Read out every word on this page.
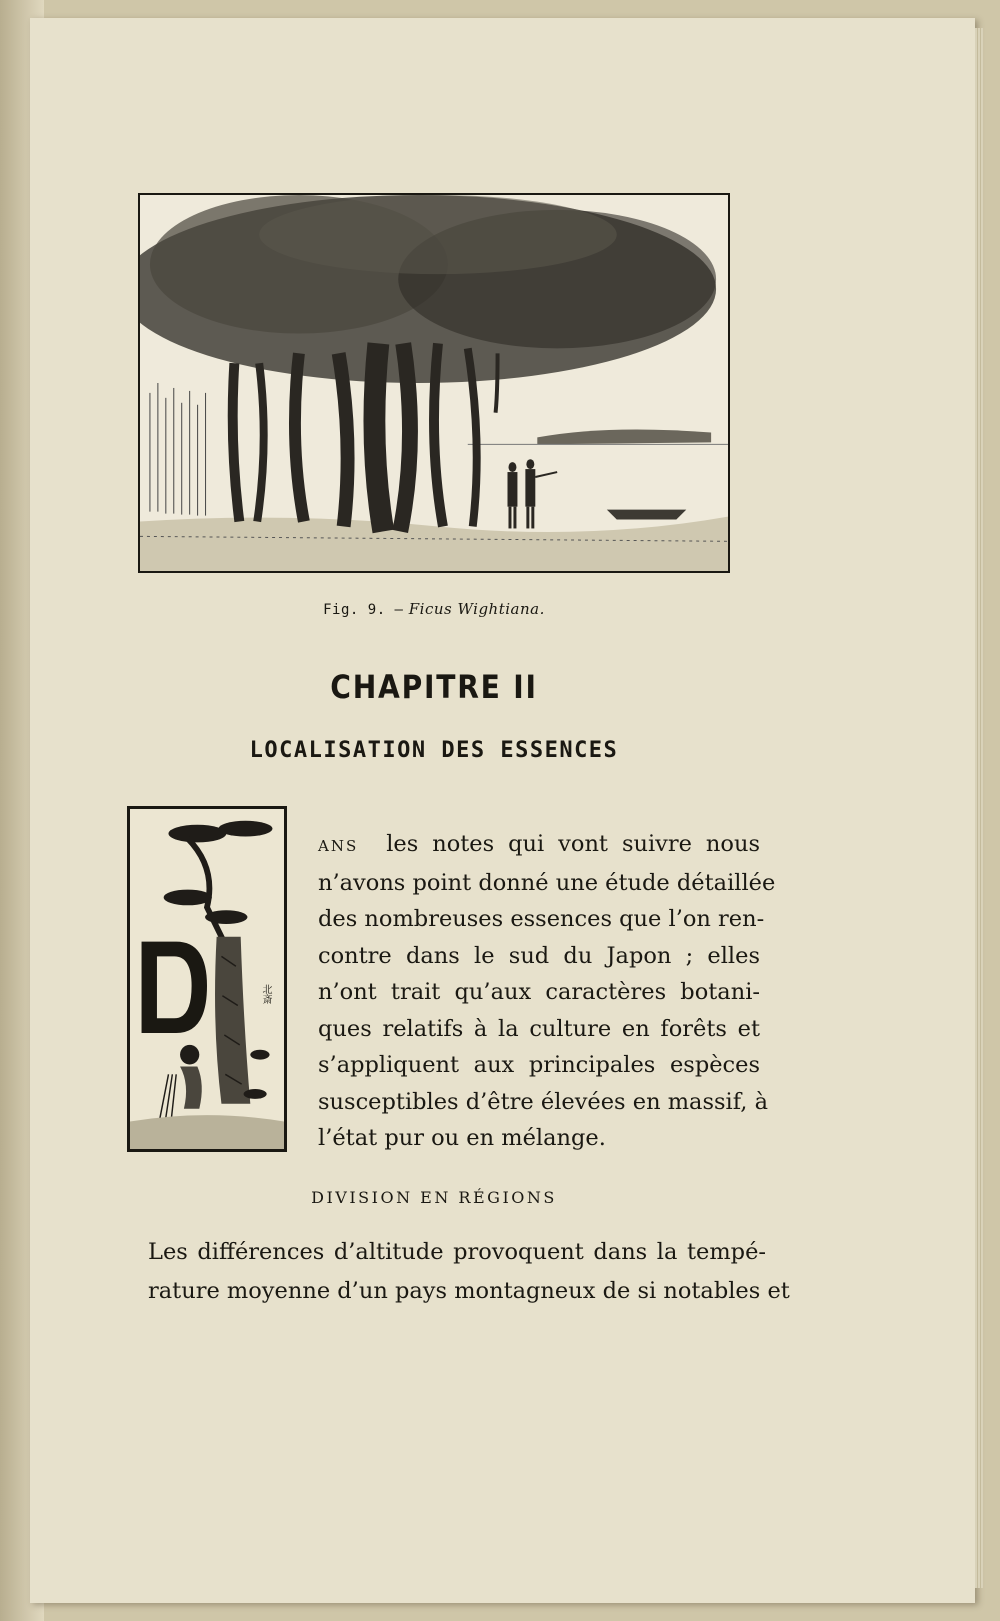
Fig. 9. — Ficus Wightiana.
CHAPITRE II
LOCALISATION DES ESSENCES
北斎
ANS les notes qui vont suivre nous
n’avons point donné une étude détaillée
des nombreuses essences que l’on ren-
contre dans le sud du Japon ; elles
n’ont trait qu’aux caractères botani-
ques relatifs à la culture en forêts et
s’appliquent aux principales espèces
susceptibles d’être élevées en massif, à
l’état pur ou en mélange.
DIVISION EN RÉGIONS
Les différences d’altitude provoquent dans la tempé-
rature moyenne d’un pays montagneux de si notables et
